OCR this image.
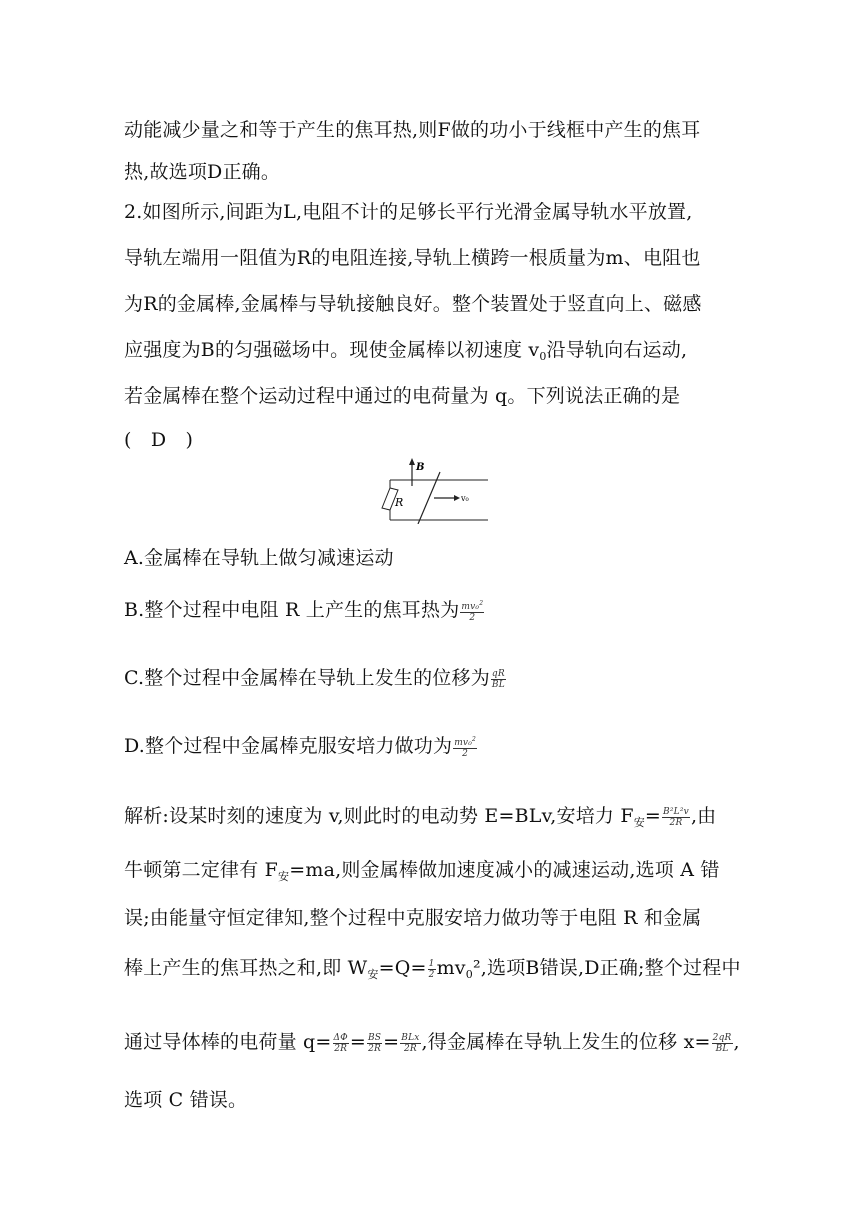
动能减少量之和等于产生的焦耳热,则F做的功小于线框中产生的焦耳
热,故选项D正确。
2.如图所示,间距为L,电阻不计的足够长平行光滑金属导轨水平放置,
导轨左端用一阻值为R的电阻连接,导轨上横跨一根质量为m、电阻也
为R的金属棒,金属棒与导轨接触良好。整个装置处于竖直向上、磁感
应强度为B的匀强磁场中。现使金属棒以初速度 $v_0$沿导轨向右运动,
若金属棒在整个运动过程中通过的电荷量为 q。下列说法正确的是
(　D　)
R
B
v₀
A.金属棒在导轨上做匀减速运动
B.整个过程中电阻 R 上产生的焦耳热为 $\frac{mv_0^2}{2}$
C.整个过程中金属棒在导轨上发生的位移为 $\frac{qR}{BL}$
D.整个过程中金属棒克服安培力做功为 $\frac{mv_0^2}{2}$
解析:设某时刻的速度为 v,则此时的电动势 E=BLv,安培力 $F_安= \frac{\text{B²L²v}}{2R}$ ,由
牛顿第二定律有 $F_安=ma$,则金属棒做加速度减小的减速运动,选项 A 错
误;由能量守恒定律知,整个过程中克服安培力做功等于电阻 R 和金属
棒上产生的焦耳热之和,即 $W_安=Q= \frac{1}{2} mv_0^2$,选项B错误,D正确;整个过程中
通过导体棒的电荷量 $q= \frac{\Delta\Phi}{2R} = \frac{BS}{2R} = \frac{\text{BLx}}{2R}$ ,得金属棒在导轨上发生的位移 $x= \frac{2qR}{BL}$ ,
选项 C 错误。
